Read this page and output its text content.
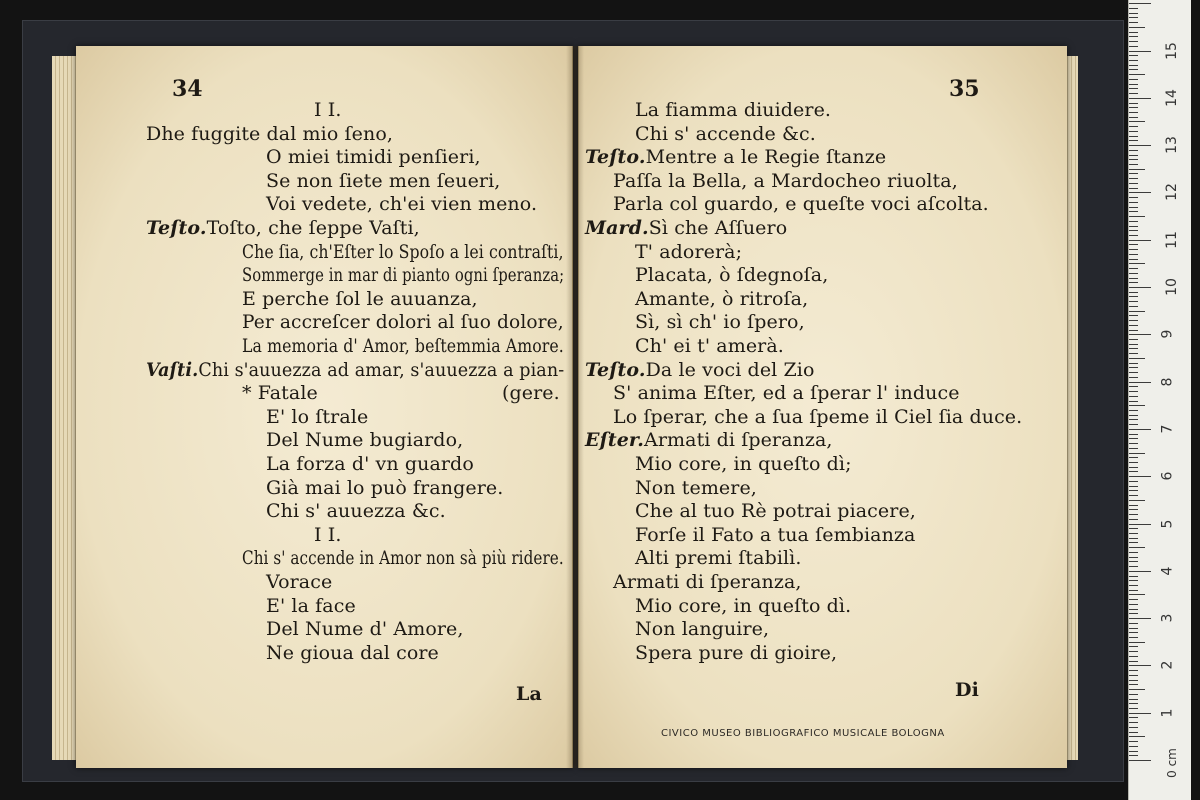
34
I I.
Dhe fuggite dal mio ſeno,
O miei timidi penſieri,
Se non ſiete men ſeueri,
Voi vedete, ch'ei vien meno.
Teſto.Toſto, che ſeppe Vaſti,
Che ſia, ch'Eſter lo Spoſo a lei contraſti,
Sommerge in mar di pianto ogni ſperanza;
E perche ſol le auuanza,
Per accreſcer dolori al ſuo dolore,
La memoria d' Amor, beſtemmia Amore.
Vaſti.Chi s'auuezza ad amar, s'auuezza a pian-
* Fatale	(gere.
E' lo ſtrale
Del Nume bugiardo,
La forza d' vn guardo
Già mai lo può frangere.
Chi s' auuezza &c.
I I.
Chi s' accende in Amor non sà più ridere.
Vorace
E' la face
Del Nume d' Amore,
Ne gioua dal core
La
35
La fiamma diuidere.
Chi s' accende &c.
Teſto.Mentre a le Regie ſtanze
Paſſa la Bella, a Mardocheo riuolta,
Parla col guardo, e queſte voci aſcolta.
Mard.Sì che Aſſuero
T' adorerà;
Placata, ò ſdegnoſa,
Amante, ò ritroſa,
Sì, sì ch' io ſpero,
Ch' ei t' amerà.
Teſto.Da le voci del Zio
S' anima Eſter, ed a ſperar l' induce
Lo ſperar, che a ſua ſpeme il Ciel ſia duce.
Eſter.Armati di ſperanza,
Mio core, in queſto dì;
Non temere,
Che al tuo Rè potrai piacere,
Forſe il Fato a tua ſembianza
Alti premi ſtabilì.
Armati di ſperanza,
Mio core, in queſto dì.
Non languire,
Spera pure di gioire,
Di
CIVICO MUSEO BIBLIOGRAFICO MUSICALE BOLOGNA
15
14
13
12
11
10
9
8
7
6
5
4
3
2
1
0 cm
